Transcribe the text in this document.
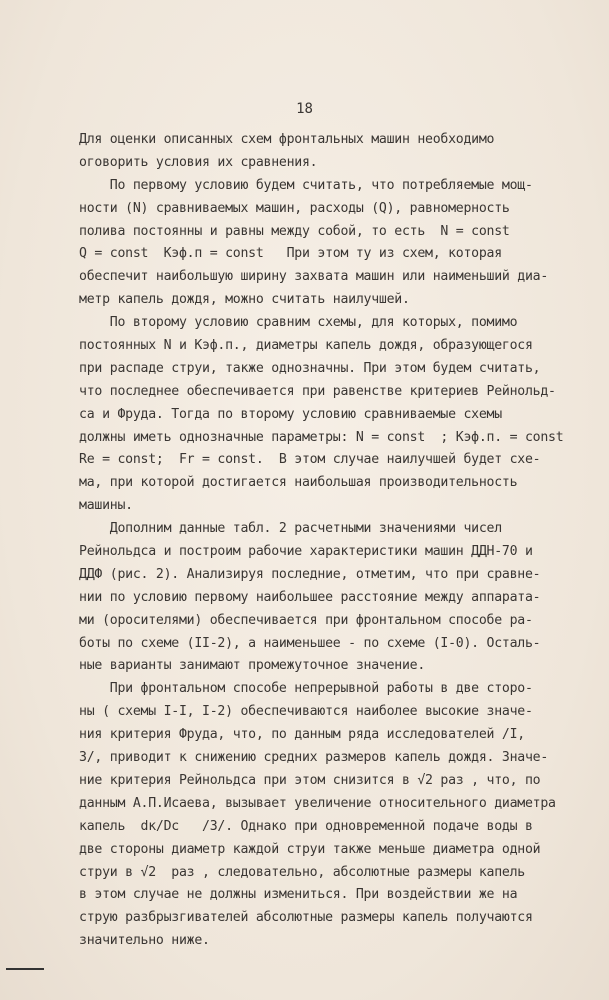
18
Для оценки описанных схем фронтальных машин необходимо
оговорить условия их сравнения.
По первому условию будем считать, что потребляемые мощ-
ности (N) сравниваемых машин, расходы (Q), равномерность
полива постоянны и равны между собой, то есть  N = const
Q = const  Кэф.п = const   При этом ту из схем, которая
обеспечит наибольшую ширину захвата машин или наименьший диа-
метр капель дождя, можно считать наилучшей.
По второму условию сравним схемы, для которых, помимо
постоянных N и Кэф.п., диаметры капель дождя, образующегося
при распаде струи, также однозначны. При этом будем считать,
что последнее обеспечивается при равенстве критериев Рейнольд-
са и Фруда. Тогда по второму условию сравниваемые схемы
должны иметь однозначные параметры: N = const  ; Кэф.п. = const
Re = const;  Fr = const.  В этом случае наилучшей будет схе-
ма, при которой достигается наибольшая производительность
машины.
Дополним данные табл. 2 расчетными значениями чисел
Рейнольдса и построим рабочие характеристики машин ДДН-70 и
ДДФ (рис. 2). Анализируя последние, отметим, что при сравне-
нии по условию первому наибольшее расстояние между аппарата-
ми (оросителями) обеспечивается при фронтальном способе ра-
боты по схеме (II-2), а наименьшее - по схеме (I-0). Осталь-
ные варианты занимают промежуточное значение.
При фронтальном способе непрерывной работы в две сторо-
ны ( схемы I-I, I-2) обеспечиваются наиболее высокие значе-
ния критерия Фруда, что, по данным ряда исследователей /I,
3/, приводит к снижению средних размеров капель дождя. Значе-
ние критерия Рейнольдса при этом снизится в √2 раз , что, по
данным А.П.Исаева, вызывает увеличение относительного диаметра
капель  dк/Dc   /3/. Однако при одновременной подаче воды в
две стороны диаметр каждой струи также меньше диаметра одной
струи в √2  раз , следовательно, абсолютные размеры капель
в этом случае не должны измениться. При воздействии же на
струю разбрызгивателей абсолютные размеры капель получаются
значительно ниже.
